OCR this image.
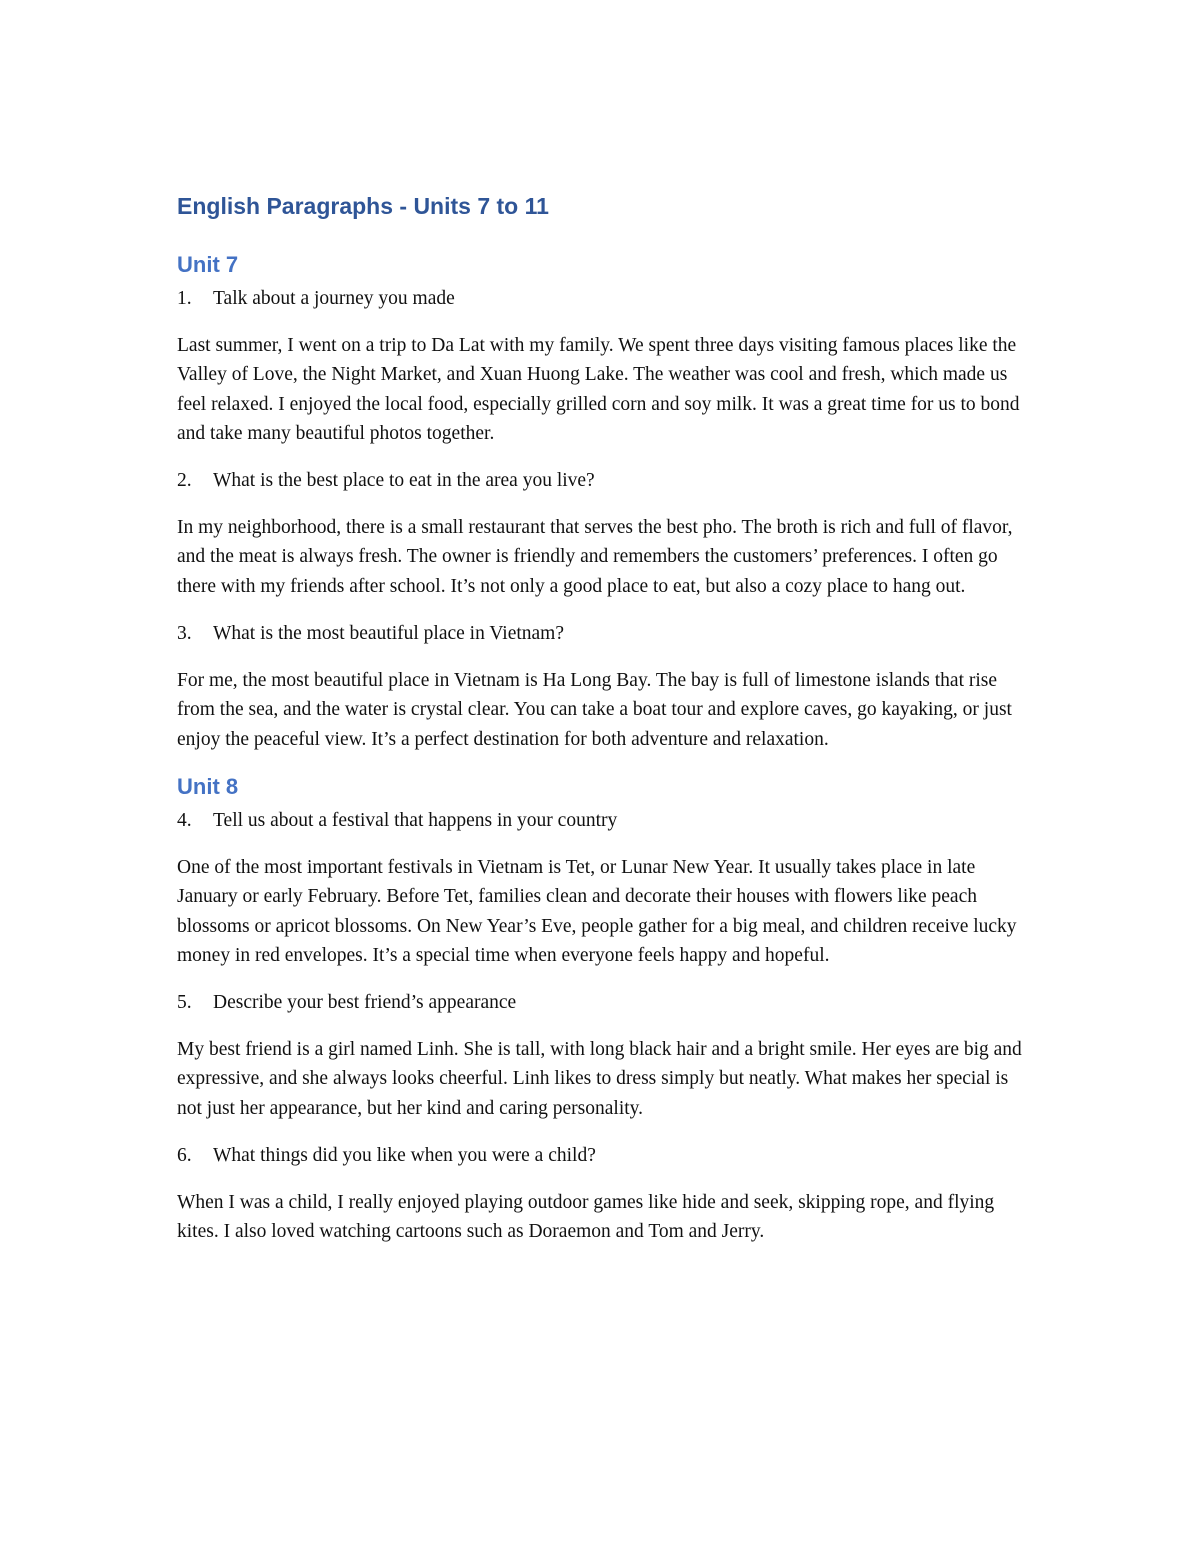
English Paragraphs - Units 7 to 11
Unit 7
1.	Talk about a journey you made

Last summer, I went on a trip to Da Lat with my family. We spent three days visiting famous places like the Valley of Love, the Night Market, and Xuan Huong Lake. The weather was cool and fresh, which made us feel relaxed. I enjoyed the local food, especially grilled corn and soy milk. It was a great time for us to bond and take many beautiful photos together.

2.	What is the best place to eat in the area you live?

In my neighborhood, there is a small restaurant that serves the best pho. The broth is rich and full of flavor, and the meat is always fresh. The owner is friendly and remembers the customers’ preferences. I often go there with my friends after school. It’s not only a good place to eat, but also a cozy place to hang out.

3.	What is the most beautiful place in Vietnam?

For me, the most beautiful place in Vietnam is Ha Long Bay. The bay is full of limestone islands that rise from the sea, and the water is crystal clear. You can take a boat tour and explore caves, go kayaking, or just enjoy the peaceful view. It’s a perfect destination for both adventure and relaxation.

Unit 8
4.	Tell us about a festival that happens in your country

One of the most important festivals in Vietnam is Tet, or Lunar New Year. It usually takes place in late January or early February. Before Tet, families clean and decorate their houses with flowers like peach blossoms or apricot blossoms. On New Year’s Eve, people gather for a big meal, and children receive lucky money in red envelopes. It’s a special time when everyone feels happy and hopeful.

5.	Describe your best friend’s appearance

My best friend is a girl named Linh. She is tall, with long black hair and a bright smile. Her eyes are big and expressive, and she always looks cheerful. Linh likes to dress simply but neatly. What makes her special is not just her appearance, but her kind and caring personality.

6.	What things did you like when you were a child?

When I was a child, I really enjoyed playing outdoor games like hide and seek, skipping rope, and flying kites. I also loved watching cartoons such as Doraemon and Tom and Jerry.
